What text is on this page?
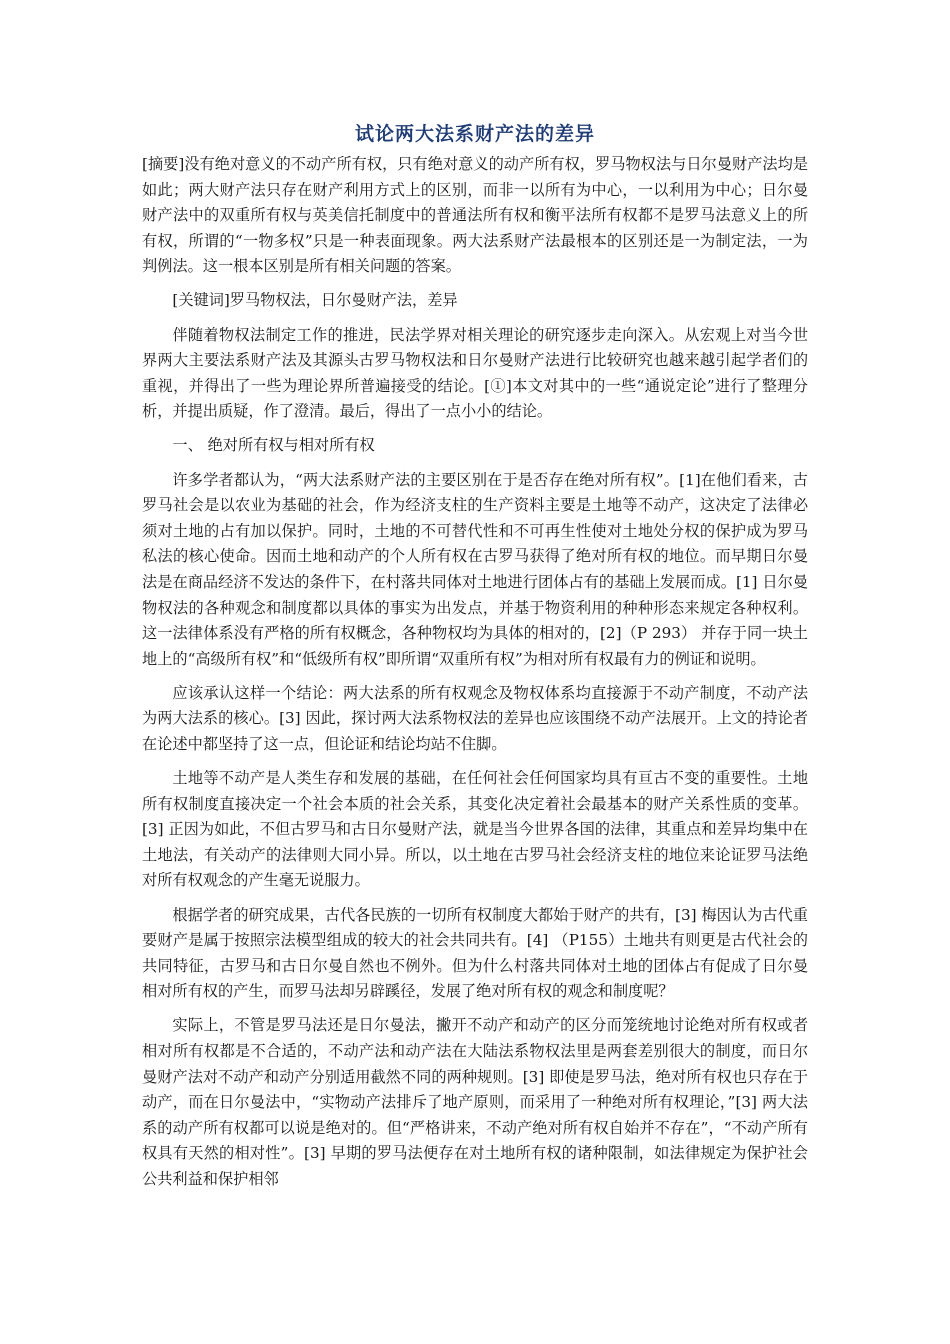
试论两大法系财产法的差异

[摘要]没有绝对意义的不动产所有权，只有绝对意义的动产所有权，罗马物权法与日尔曼财产法均是如此；两大财产法只存在财产利用方式上的区别，而非一以所有为中心，一以利用为中心；日尔曼财产法中的双重所有权与英美信托制度中的普通法所有权和衡平法所有权都不是罗马法意义上的所有权，所谓的“一物多权”只是一种表面现象。两大法系财产法最根本的区别还是一为制定法，一为判例法。这一根本区别是所有相关问题的答案。

[关键词]罗马物权法，日尔曼财产法，差异

伴随着物权法制定工作的推进，民法学界对相关理论的研究逐步走向深入。从宏观上对当今世界两大主要法系财产法及其源头古罗马物权法和日尔曼财产法进行比较研究也越来越引起学者们的重视，并得出了一些为理论界所普遍接受的结论。[①]本文对其中的一些“通说定论”进行了整理分析，并提出质疑，作了澄清。最后，得出了一点小小的结论。

一、 绝对所有权与相对所有权

许多学者都认为，“两大法系财产法的主要区别在于是否存在绝对所有权”。[1]在他们看来，古罗马社会是以农业为基础的社会，作为经济支柱的生产资料主要是土地等不动产，这决定了法律必须对土地的占有加以保护。同时，土地的不可替代性和不可再生性使对土地处分权的保护成为罗马私法的核心使命。因而土地和动产的个人所有权在古罗马获得了绝对所有权的地位。而早期日尔曼法是在商品经济不发达的条件下，在村落共同体对土地进行团体占有的基础上发展而成。[1] 日尔曼物权法的各种观念和制度都以具体的事实为出发点，并基于物资利用的种种形态来规定各种权利。这一法律体系没有严格的所有权概念，各种物权均为具体的相对的，[2]（P 293） 并存于同一块土地上的“高级所有权”和“低级所有权”即所谓“双重所有权”为相对所有权最有力的例证和说明。

应该承认这样一个结论：两大法系的所有权观念及物权体系均直接源于不动产制度，不动产法为两大法系的核心。[3] 因此，探讨两大法系物权法的差异也应该围绕不动产法展开。上文的持论者在论述中都坚持了这一点，但论证和结论均站不住脚。

土地等不动产是人类生存和发展的基础，在任何社会任何国家均具有亘古不变的重要性。土地所有权制度直接决定一个社会本质的社会关系，其变化决定着社会最基本的财产关系性质的变革。[3] 正因为如此，不但古罗马和古日尔曼财产法，就是当今世界各国的法律，其重点和差异均集中在土地法，有关动产的法律则大同小异。所以，以土地在古罗马社会经济支柱的地位来论证罗马法绝对所有权观念的产生毫无说服力。

根据学者的研究成果，古代各民族的一切所有权制度大都始于财产的共有，[3] 梅因认为古代重要财产是属于按照宗法模型组成的较大的社会共同共有。[4] （P155）土地共有则更是古代社会的共同特征，古罗马和古日尔曼自然也不例外。但为什么村落共同体对土地的团体占有促成了日尔曼相对所有权的产生，而罗马法却另辟蹊径，发展了绝对所有权的观念和制度呢？

实际上，不管是罗马法还是日尔曼法，撇开不动产和动产的区分而笼统地讨论绝对所有权或者相对所有权都是不合适的，不动产法和动产法在大陆法系物权法里是两套差别很大的制度，而日尔曼财产法对不动产和动产分别适用截然不同的两种规则。[3] 即使是罗马法，绝对所有权也只存在于动产，而在日尔曼法中，“实物动产法排斥了地产原则，而采用了一种绝对所有权理论，”[3] 两大法系的动产所有权都可以说是绝对的。但“严格讲来，不动产绝对所有权自始并不存在”，“不动产所有权具有天然的相对性”。[3] 早期的罗马法便存在对土地所有权的诸种限制，如法律规定为保护社会公共利益和保护相邻
